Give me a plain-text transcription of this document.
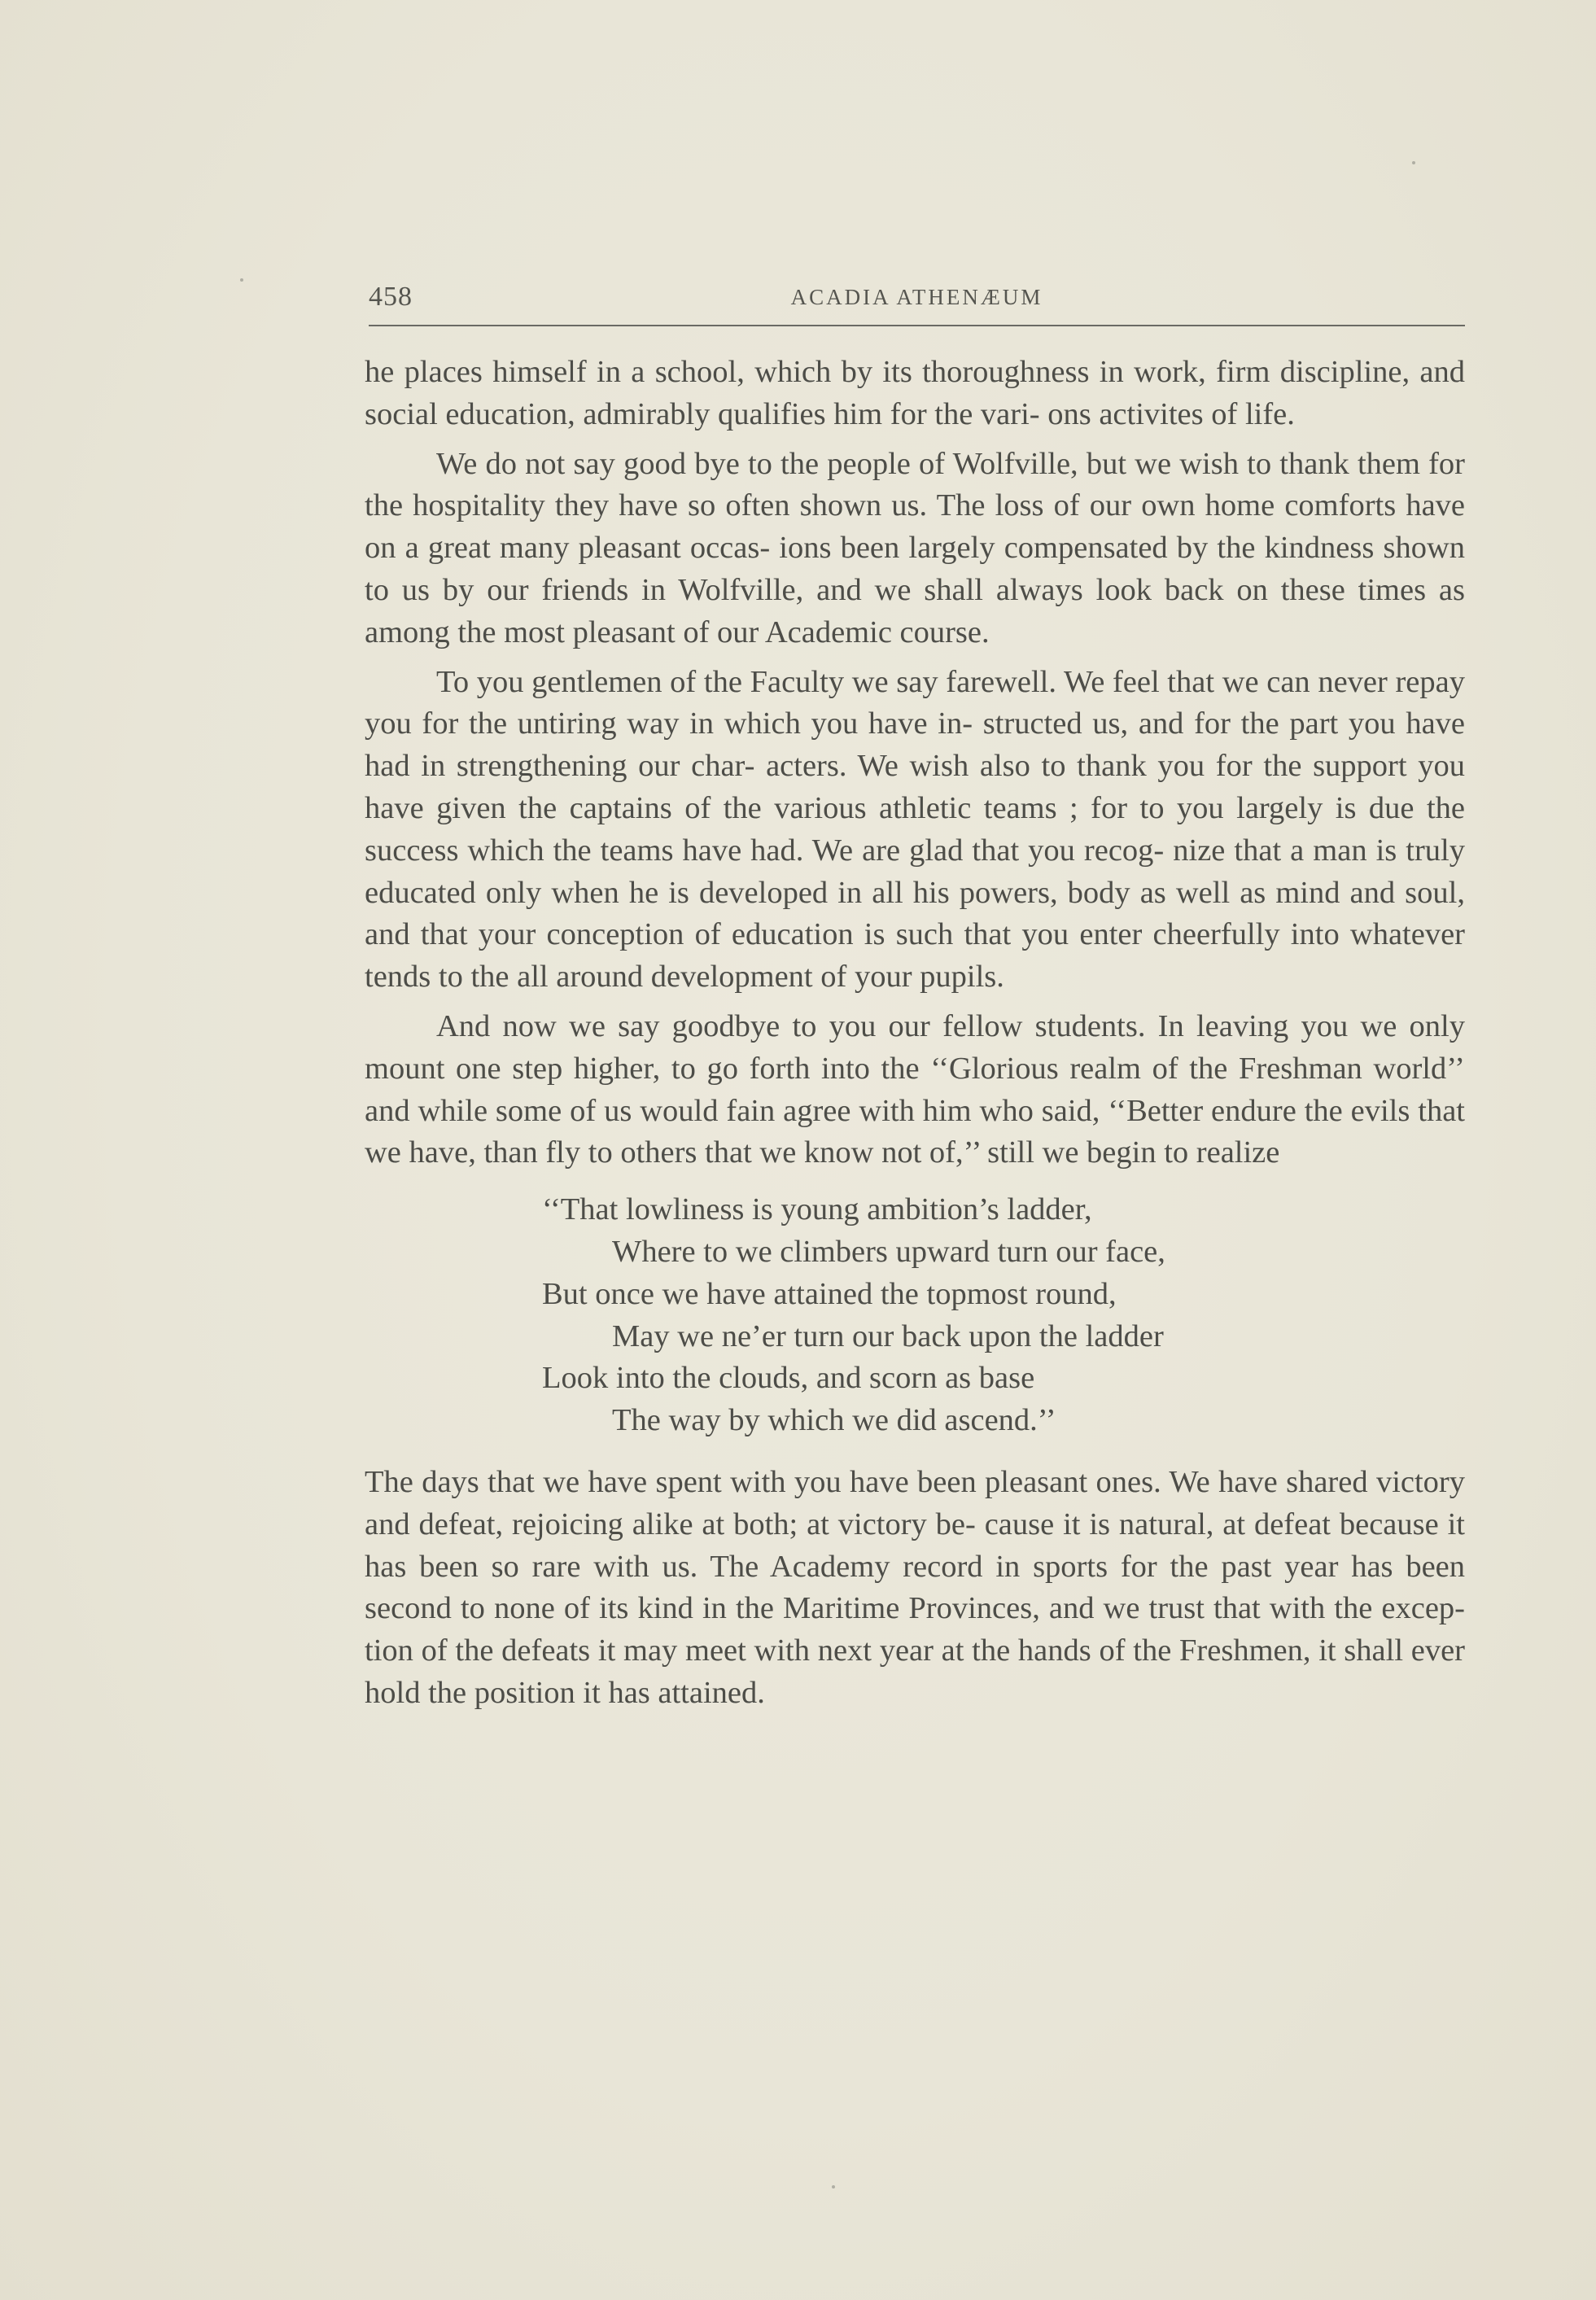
458	ACADIA ATHENÆUM

he places himself in a school, which by its thoroughness in work, firm discipline, and social education, admirably qualifies him for the vari- ons activites of life.

We do not say good bye to the people of Wolfville, but we wish to thank them for the hospitality they have so often shown us. The loss of our own home comforts have on a great many pleasant occas- ions been largely compensated by the kindness shown to us by our friends in Wolfville, and we shall always look back on these times as among the most pleasant of our Academic course.

To you gentlemen of the Faculty we say farewell. We feel that we can never repay you for the untiring way in which you have in- structed us, and for the part you have had in strengthening our char- acters. We wish also to thank you for the support you have given the captains of the various athletic teams ; for to you largely is due the success which the teams have had. We are glad that you recog- nize that a man is truly educated only when he is developed in all his powers, body as well as mind and soul, and that your conception of education is such that you enter cheerfully into whatever tends to the all around development of your pupils.

And now we say goodbye to you our fellow students. In leaving you we only mount one step higher, to go forth into the ‘‘Glorious realm of the Freshman world’’ and while some of us would fain agree with him who said, ‘‘Better endure the evils that we have, than fly to others that we know not of,’’ still we begin to realize

‘‘That lowliness is young ambition’s ladder,
Where to we climbers upward turn our face,
But once we have attained the topmost round,
May we ne’er turn our back upon the ladder
Look into the clouds, and scorn as base
The way by which we did ascend.’’

The days that we have spent with you have been pleasant ones. We have shared victory and defeat, rejoicing alike at both; at victory be- cause it is natural, at defeat because it has been so rare with us. The Academy record in sports for the past year has been second to none of its kind in the Maritime Provinces, and we trust that with the excep- tion of the defeats it may meet with next year at the hands of the Freshmen, it shall ever hold the position it has attained.
